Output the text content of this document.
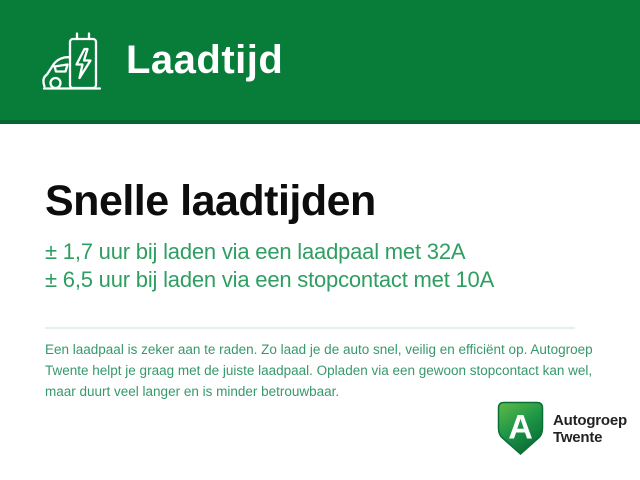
Laadtijd
Snelle laadtijden
± 1,7 uur bij laden via een laadpaal met 32A
± 6,5 uur bij laden via een stopcontact met 10A

Een laadpaal is zeker aan te raden. Zo laad je de auto snel, veilig en efficiënt op. Autogroep Twente helpt je graag met de juiste laadpaal. Opladen via een gewoon stopcontact kan wel, maar duurt veel langer en is minder betrouwbaar.

A Autogroep
Twente
